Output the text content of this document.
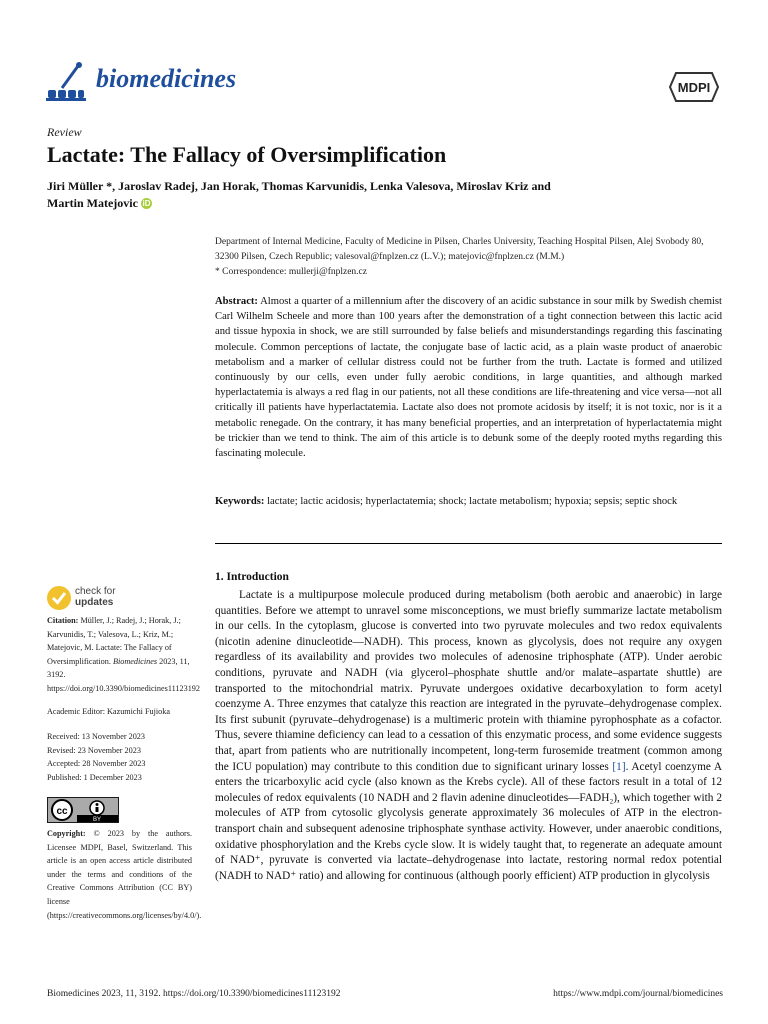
biomedicines	MDPI
Review
Lactate: The Fallacy of Oversimplification
Jiri Müller *, Jaroslav Radej, Jan Horak, Thomas Karvunidis, Lenka Valesova, Miroslav Kriz and
Martin Matejovic iD
Department of Internal Medicine, Faculty of Medicine in Pilsen, Charles University, Teaching Hospital Pilsen, Alej Svobody 80, 32300 Pilsen, Czech Republic; valesoval@fnplzen.cz (L.V.); matejovic@fnplzen.cz (M.M.)
* Correspondence: mullerji@fnplzen.cz
Abstract: Almost a quarter of a millennium after the discovery of an acidic substance in sour milk by Swedish chemist Carl Wilhelm Scheele and more than 100 years after the demonstration of a tight connection between this lactic acid and tissue hypoxia in shock, we are still surrounded by false beliefs and misunderstandings regarding this fascinating molecule. Common perceptions of lactate, the conjugate base of lactic acid, as a plain waste product of anaerobic metabolism and a marker of cellular distress could not be further from the truth. Lactate is formed and utilized continuously by our cells, even under fully aerobic conditions, in large quantities, and although marked hyperlactatemia is always a red flag in our patients, not all these conditions are life-threatening and vice versa—not all critically ill patients have hyperlactatemia. Lactate also does not promote acidosis by itself; it is not toxic, nor is it a metabolic renegade. On the contrary, it has many beneficial properties, and an interpretation of hyperlactatemia might be trickier than we tend to think. The aim of this article is to debunk some of the deeply rooted myths regarding this fascinating molecule.
Keywords: lactate; lactic acidosis; hyperlactatemia; shock; lactate metabolism; hypoxia; sepsis; septic shock
1. Introduction

Lactate is a multipurpose molecule produced during metabolism (both aerobic and anaerobic) in large quantities. Before we attempt to unravel some misconceptions, we must briefly summarize lactate metabolism in our cells. In the cytoplasm, glucose is converted into two pyruvate molecules and two redox equivalents (nicotin adenine dinucleotide—NADH). This process, known as glycolysis, does not require any oxygen regardless of its availability and provides two molecules of adenosine triphosphate (ATP). Under aerobic conditions, pyruvate and NADH (via glycerol–phosphate shuttle and/or malate–aspartate shuttle) are transported to the mitochondrial matrix. Pyruvate undergoes oxidative decarboxylation to form acetyl coenzyme A. Three enzymes that catalyze this reaction are integrated in the pyruvate–dehydrogenase complex. Its first subunit (pyruvate–dehydrogenase) is a multimeric protein with thiamine pyrophosphate as a cofactor. Thus, severe thiamine deficiency can lead to a cessation of this enzymatic process, and some evidence suggests that, apart from patients who are nutritionally incompetent, long-term furosemide treatment (common among the ICU population) may contribute to this condition due to significant urinary losses [1]. Acetyl coenzyme A enters the tricarboxylic acid cycle (also known as the Krebs cycle). All of these factors result in a total of 12 molecules of redox equivalents (10 NADH and 2 flavin adenine dinucleotides—FADH₂), which together with 2 molecules of ATP from cytosolic glycolysis generate approximately 36 molecules of ATP in the electron-transport chain and subsequent adenosine triphosphate synthase activity. However, under anaerobic conditions, oxidative phosphorylation and the Krebs cycle slow. It is widely taught that, to regenerate an adequate amount of NAD⁺, pyruvate is converted via lactate–dehydrogenase into lactate, restoring normal redox potential (NADH to NAD⁺ ratio) and allowing for continuous (although poorly efficient) ATP production in glycolysis

check for
updates
Citation: Müller, J.; Radej, J.; Horak, J.; Karvunidis, T.; Valesova, L.; Kriz, M.; Matejovic, M. Lactate: The Fallacy of Oversimplification. Biomedicines 2023, 11, 3192. https://doi.org/10.3390/biomedicines11123192
Academic Editor: Kazumichi Fujioka
Received: 13 November 2023
Revised: 23 November 2023
Accepted: 28 November 2023
Published: 1 December 2023
cc
BY
Copyright: © 2023 by the authors. Licensee MDPI, Basel, Switzerland. This article is an open access article distributed under the terms and conditions of the Creative Commons Attribution (CC BY) license (https://creativecommons.org/licenses/by/4.0/).
Biomedicines 2023, 11, 3192. https://doi.org/10.3390/biomedicines11123192	https://www.mdpi.com/journal/biomedicines
